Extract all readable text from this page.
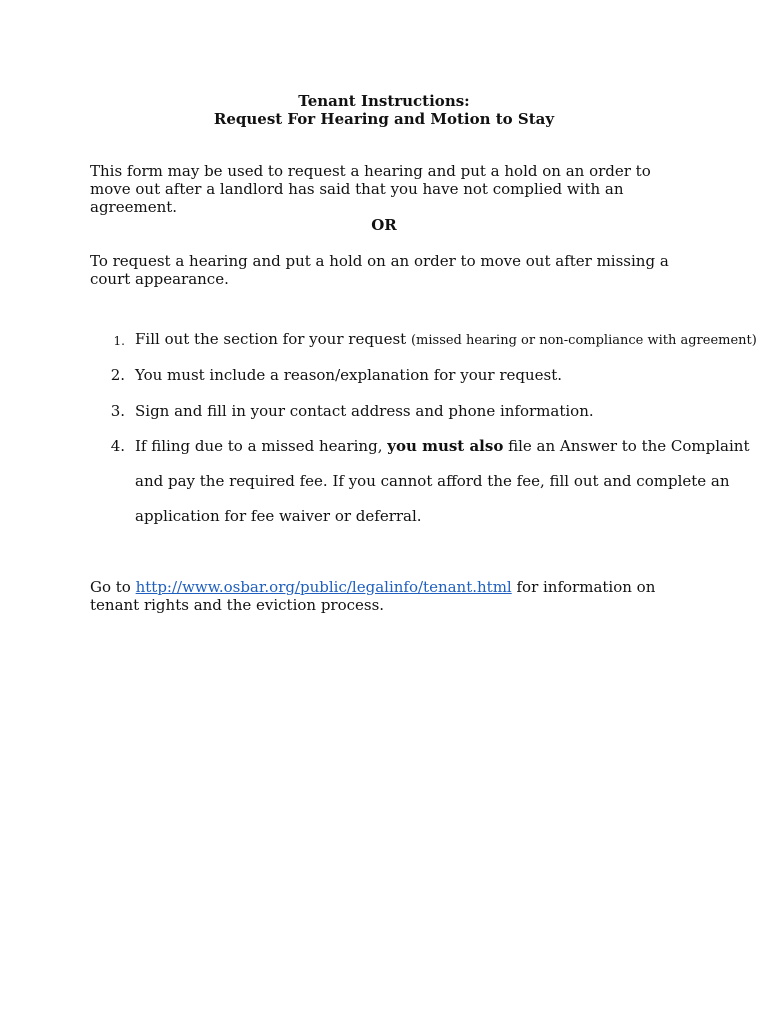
Tenant Instructions:
Request For Hearing and Motion to Stay
This form may be used to request a hearing and put a hold on an order to move out after a landlord has said that you have not complied with an agreement.
OR
To request a hearing and put a hold on an order to move out after missing a court appearance.
1. Fill out the section for your request (missed hearing or non-compliance with agreement)
2. You must include a reason/explanation for your request.
3. Sign and fill in your contact address and phone information.
4. If filing due to a missed hearing, you must also file an Answer to the Complaint
and pay the required fee. If you cannot afford the fee, fill out and complete an
application for fee waiver or deferral.
Go to http://www.osbar.org/public/legalinfo/tenant.html for information on tenant rights and the eviction process.
